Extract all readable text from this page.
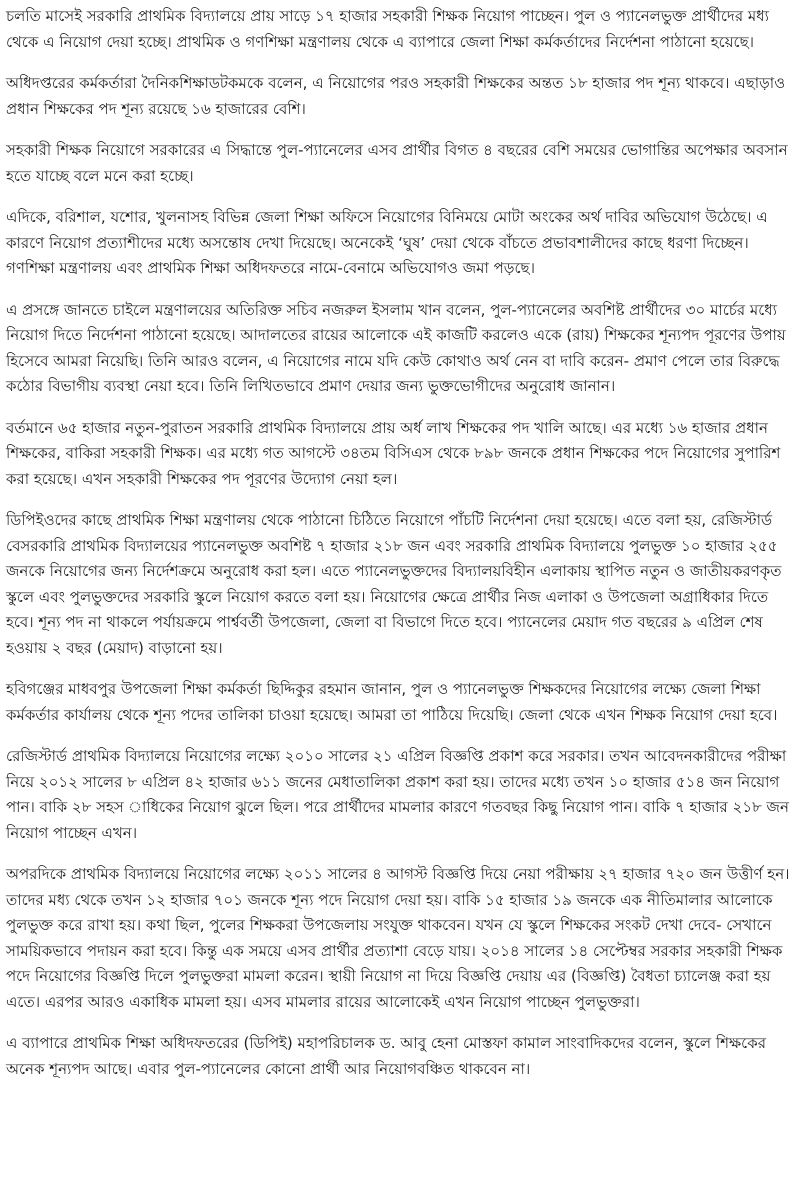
চলতি মাসেই সরকারি প্রাথমিক বিদ্যালয়ে প্রায় সাড়ে ১৭ হাজার সহকারী শিক্ষক নিয়োগ পাচ্ছেন। পুল ও প্যানেলভুক্ত প্রার্থীদের মধ্য থেকে এ নিয়োগ দেয়া হচ্ছে। প্রাথমিক ও গণশিক্ষা মন্ত্রণালয় থেকে এ ব্যাপারে জেলা শিক্ষা কর্মকর্তাদের নির্দেশনা পাঠানো হয়েছে।

অধিদপ্তরের কর্মকর্তারা দৈনিকশিক্ষাডটকমকে বলেন, এ নিয়োগের পরও সহকারী শিক্ষকের অন্তত ১৮ হাজার পদ শূন্য থাকবে। এছাড়াও প্রধান শিক্ষকের পদ শূন্য রয়েছে ১৬ হাজারের বেশি।

সহকারী শিক্ষক নিয়োগে সরকারের এ সিদ্ধান্তে পুল-প্যানেলের এসব প্রার্থীর বিগত ৪ বছরের বেশি সময়ের ভোগান্তির অপেক্ষার অবসান হতে যাচ্ছে বলে মনে করা হচ্ছে।

এদিকে, বরিশাল, যশোর, খুলনাসহ বিভিন্ন জেলা শিক্ষা অফিসে নিয়োগের বিনিময়ে মোটা অংকের অর্থ দাবির অভিযোগ উঠেছে। এ কারণে নিয়োগ প্রত্যাশীদের মধ্যে অসন্তোষ দেখা দিয়েছে। অনেকেই ‘ঘুষ’ দেয়া থেকে বাঁচতে প্রভাবশালীদের কাছে ধরণা দিচ্ছেন। গণশিক্ষা মন্ত্রণালয় এবং প্রাথমিক শিক্ষা অধিদফতরে নামে-বেনামে অভিযোগও জমা পড়ছে।

এ প্রসঙ্গে জানতে চাইলে মন্ত্রণালয়ের অতিরিক্ত সচিব নজরুল ইসলাম খান বলেন, পুল-প্যানেলের অবশিষ্ট প্রার্থীদের ৩০ মার্চের মধ্যে নিয়োগ দিতে নির্দেশনা পাঠানো হয়েছে। আদালতের রায়ের আলোকে এই কাজটি করলেও একে (রায়) শিক্ষকের শূন্যপদ পূরণের উপায় হিসেবে আমরা নিয়েছি। তিনি আরও বলেন, এ নিয়োগের নামে যদি কেউ কোথাও অর্থ নেন বা দাবি করেন- প্রমাণ পেলে তার বিরুদ্ধে কঠোর বিভাগীয় ব্যবস্থা নেয়া হবে। তিনি লিখিতভাবে প্রমাণ দেয়ার জন্য ভুক্তভোগীদের অনুরোধ জানান।

বর্তমানে ৬৫ হাজার নতুন-পুরাতন সরকারি প্রাথমিক বিদ্যালয়ে প্রায় অর্ধ লাখ শিক্ষকের পদ খালি আছে। এর মধ্যে ১৬ হাজার প্রধান শিক্ষকের, বাকিরা সহকারী শিক্ষক। এর মধ্যে গত আগস্টে ৩৪তম বিসিএস থেকে ৮৯৮ জনকে প্রধান শিক্ষকের পদে নিয়োগের সুপারিশ করা হয়েছে। এখন সহকারী শিক্ষকের পদ পূরণের উদ্যোগ নেয়া হল।

ডিপিইওদের কাছে প্রাথমিক শিক্ষা মন্ত্রণালয় থেকে পাঠানো চিঠিতে নিয়োগে পাঁচটি নির্দেশনা দেয়া হয়েছে। এতে বলা হয়, রেজিস্টার্ড বেসরকারি প্রাথমিক বিদ্যালয়ের প্যানেলভুক্ত অবশিষ্ট ৭ হাজার ২১৮ জন এবং সরকারি প্রাথমিক বিদ্যালয়ে পুলভুক্ত ১০ হাজার ২৫৫ জনকে নিয়োগের জন্য নির্দেশক্রমে অনুরোধ করা হল। এতে প্যানেলভুক্তদের বিদ্যালয়বিহীন এলাকায় স্থাপিত নতুন ও জাতীয়করণকৃত স্কুলে এবং পুলভুক্তদের সরকারি স্কুলে নিয়োগ করতে বলা হয়। নিয়োগের ক্ষেত্রে প্রার্থীর নিজ এলাকা ও উপজেলা অগ্রাধিকার দিতে হবে। শূন্য পদ না থাকলে পর্যায়ক্রমে পার্শ্ববর্তী উপজেলা, জেলা বা বিভাগে দিতে হবে। প্যানেলের মেয়াদ গত বছরের ৯ এপ্রিল শেষ হওয়ায় ২ বছর (মেয়াদ) বাড়ানো হয়।

হবিগঞ্জের মাধবপুর উপজেলা শিক্ষা কর্মকর্তা ছিদ্দিকুর রহমান জানান, পুল ও প্যানেলভুক্ত শিক্ষকদের নিয়োগের লক্ষ্যে জেলা শিক্ষা কর্মকর্তার কার্যালয় থেকে শূন্য পদের তালিকা চাওয়া হয়েছে। আমরা তা পাঠিয়ে দিয়েছি। জেলা থেকে এখন শিক্ষক নিয়োগ দেয়া হবে।

রেজিস্টার্ড প্রাথমিক বিদ্যালয়ে নিয়োগের লক্ষ্যে ২০১০ সালের ২১ এপ্রিল বিজ্ঞপ্তি প্রকাশ করে সরকার। তখন আবেদনকারীদের পরীক্ষা নিয়ে ২০১২ সালের ৮ এপ্রিল ৪২ হাজার ৬১১ জনের মেধাতালিকা প্রকাশ করা হয়। তাদের মধ্যে তখন ১০ হাজার ৫১৪ জন নিয়োগ পান। বাকি ২৮ সহস াধিকের নিয়োগ ঝুলে ছিল। পরে প্রার্থীদের মামলার কারণে গতবছর কিছু নিয়োগ পান। বাকি ৭ হাজার ২১৮ জন নিয়োগ পাচ্ছেন এখন।

অপরদিকে প্রাথমিক বিদ্যালয়ে নিয়োগের লক্ষ্যে ২০১১ সালের ৪ আগস্ট বিজ্ঞপ্তি দিয়ে নেয়া পরীক্ষায় ২৭ হাজার ৭২০ জন উত্তীর্ণ হন। তাদের মধ্য থেকে তখন ১২ হাজার ৭০১ জনকে শূন্য পদে নিয়োগ দেয়া হয়। বাকি ১৫ হাজার ১৯ জনকে এক নীতিমালার আলোকে পুলভুক্ত করে রাখা হয়। কথা ছিল, পুলের শিক্ষকরা উপজেলায় সংযুক্ত থাকবেন। যখন যে স্কুলে শিক্ষকের সংকট দেখা দেবে- সেখানে সাময়িকভাবে পদায়ন করা হবে। কিন্তু এক সময়ে এসব প্রার্থীর প্রত্যাশা বেড়ে যায়। ২০১৪ সালের ১৪ সেপ্টেম্বর সরকার সহকারী শিক্ষক পদে নিয়োগের বিজ্ঞপ্তি দিলে পুলভুক্তরা মামলা করেন। স্থায়ী নিয়োগ না দিয়ে বিজ্ঞপ্তি দেয়ায় এর (বিজ্ঞপ্তি) বৈধতা চ্যালেঞ্জ করা হয় এতে। এরপর আরও একাধিক মামলা হয়। এসব মামলার রায়ের আলোকেই এখন নিয়োগ পাচ্ছেন পুলভুক্তরা।

এ ব্যাপারে প্রাথমিক শিক্ষা অধিদফতরের (ডিপিই) মহাপরিচালক ড. আবু হেনা মোস্তফা কামাল সাংবাদিকদের বলেন, স্কুলে শিক্ষকের অনেক শূন্যপদ আছে। এবার পুল-প্যানেলের কোনো প্রার্থী আর নিয়োগবঞ্চিত থাকবেন না।
